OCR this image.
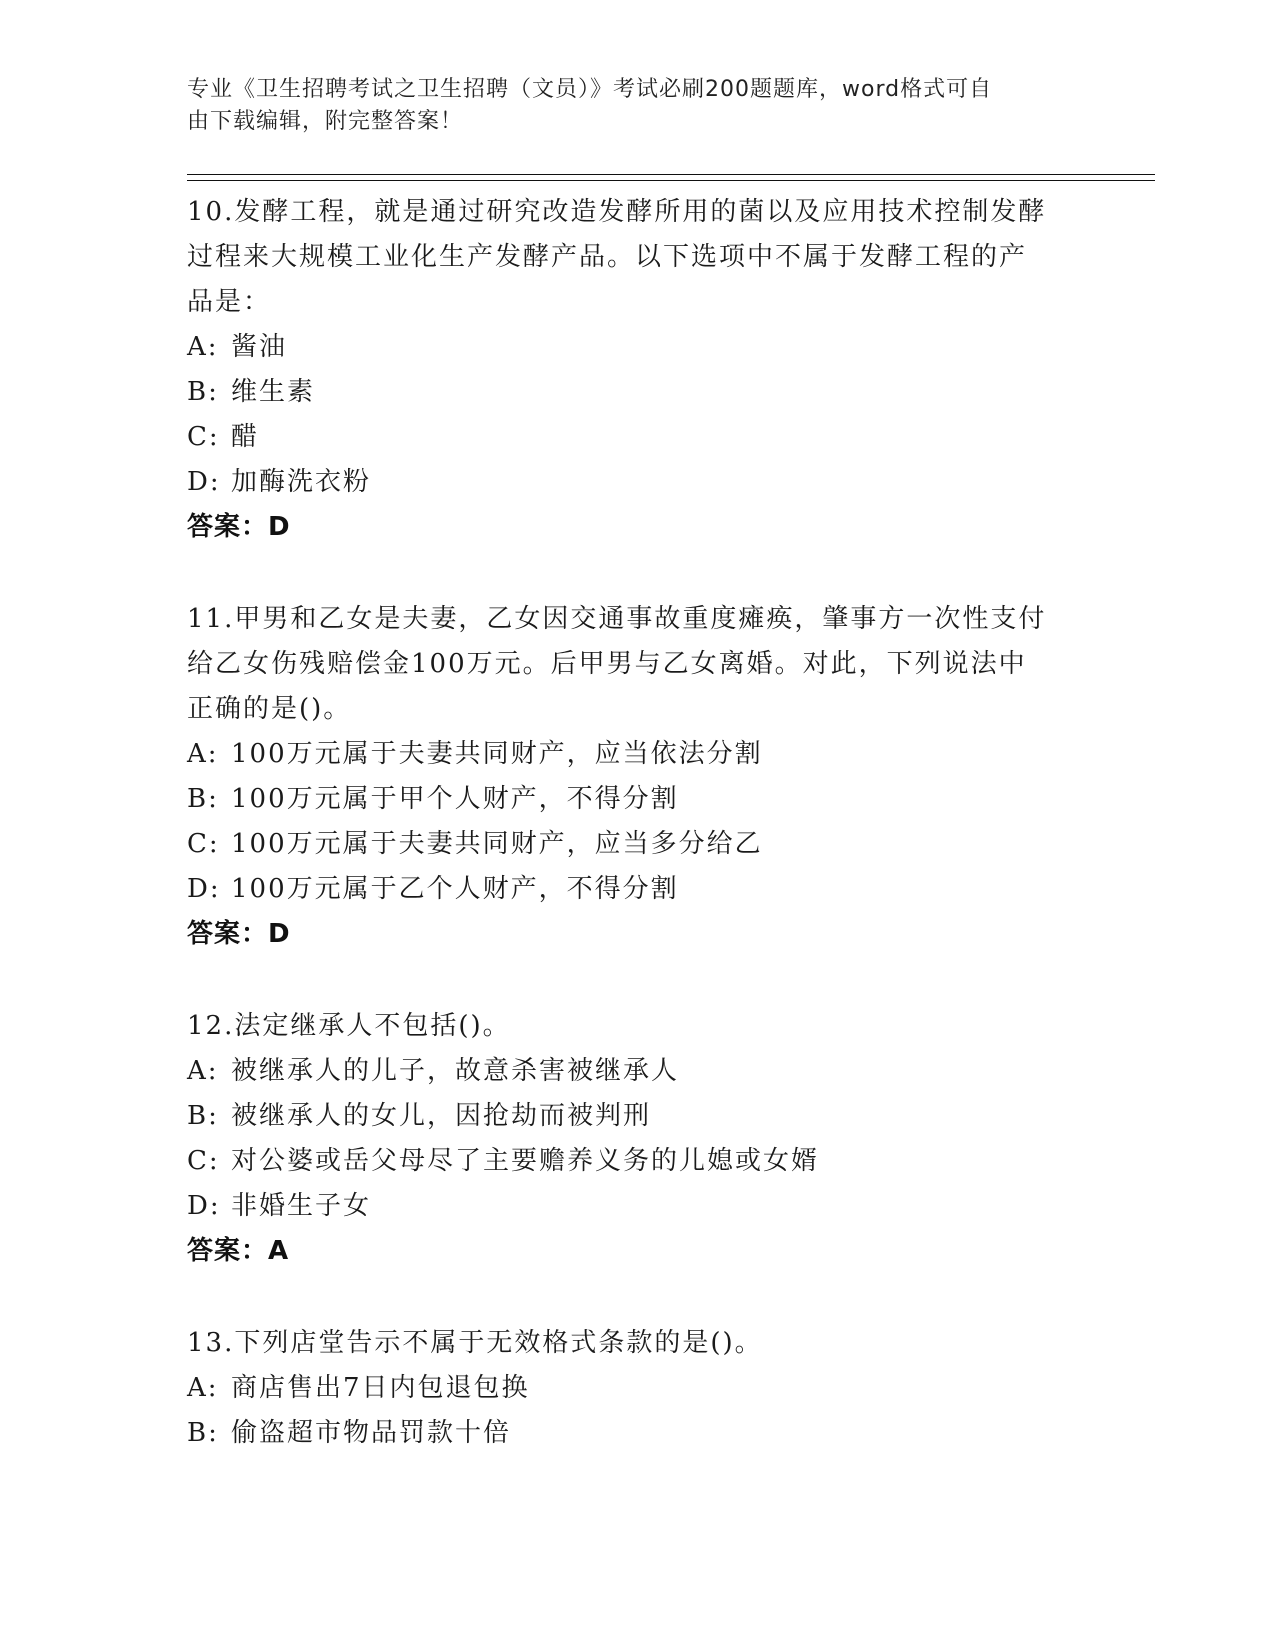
专业《卫生招聘考试之卫生招聘（文员）》考试必刷200题题库，word格式可自
由下载编辑，附完整答案！
10.发酵工程，就是通过研究改造发酵所用的菌以及应用技术控制发酵
过程来大规模工业化生产发酵产品。以下选项中不属于发酵工程的产
品是：
A: 酱油
B: 维生素
C: 醋
D: 加酶洗衣粉
答案：D
11.甲男和乙女是夫妻，乙女因交通事故重度瘫痪，肇事方一次性支付
给乙女伤残赔偿金100万元。后甲男与乙女离婚。对此，下列说法中
正确的是()。
A: 100万元属于夫妻共同财产，应当依法分割
B: 100万元属于甲个人财产，不得分割
C: 100万元属于夫妻共同财产，应当多分给乙
D: 100万元属于乙个人财产，不得分割
答案：D
12.法定继承人不包括()。
A: 被继承人的儿子，故意杀害被继承人
B: 被继承人的女儿，因抢劫而被判刑
C: 对公婆或岳父母尽了主要赡养义务的儿媳或女婿
D: 非婚生子女
答案：A
13.下列店堂告示不属于无效格式条款的是()。
A: 商店售出7日内包退包换
B: 偷盗超市物品罚款十倍
